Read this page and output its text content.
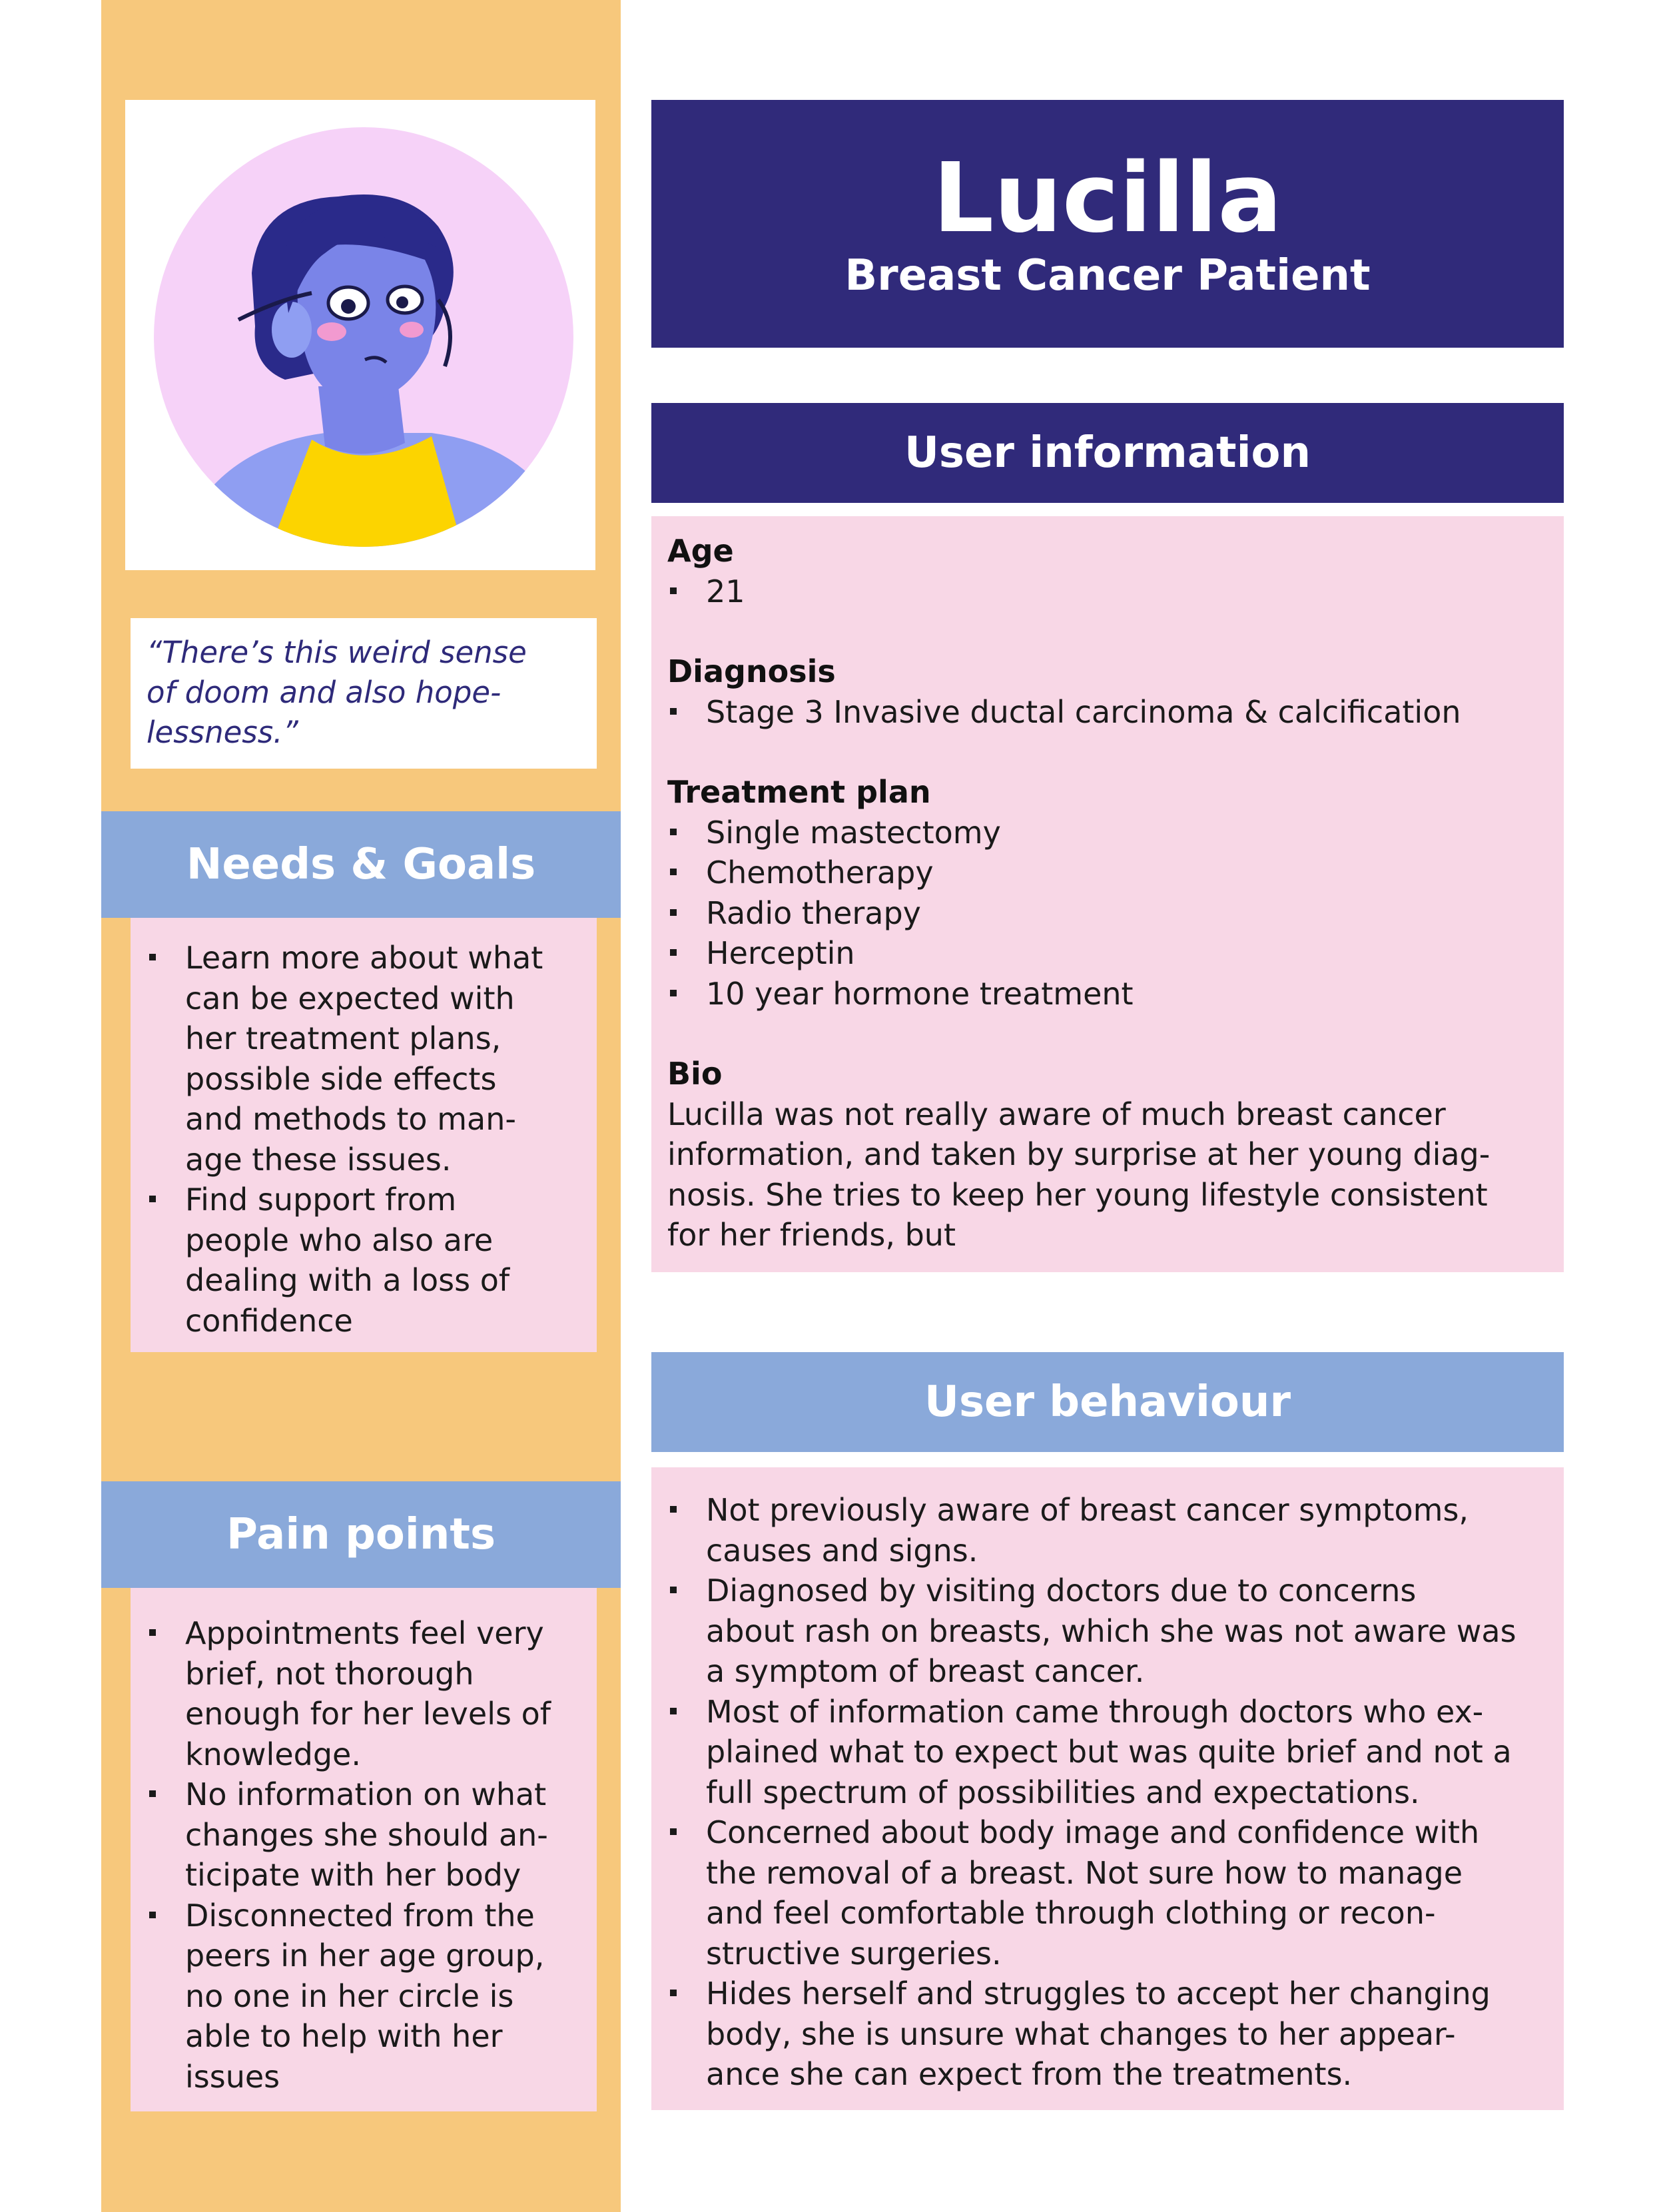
“There’s this weird sense
of doom and also hope-
lessness.”
Needs & Goals
Learn more about what
can be expected with
her treatment plans,
possible side effects
and methods to man-
age these issues.
Find support from
people who also are
dealing with a loss of
confidence
Pain points
Appointments feel very
brief, not thorough
enough for her levels of
knowledge.
No information on what
changes she should an-
ticipate with her body
Disconnected from the
peers in her age group,
no one in her circle is
able to help with her
issues
Lucilla
Breast Cancer Patient
User information
Age
21
Diagnosis
Stage 3 Invasive ductal carcinoma & calcification
Treatment plan
Single mastectomy
Chemotherapy
Radio therapy
Herceptin
10 year hormone treatment
Bio
Lucilla was not really aware of much breast cancer
information, and taken by surprise at her young diag-
nosis. She tries to keep her young lifestyle consistent
for her friends, but
User behaviour
Not previously aware of breast cancer symptoms,
causes and signs.
Diagnosed by visiting doctors due to concerns
about rash on breasts, which she was not aware was
a symptom of breast cancer.
Most of information came through doctors who ex-
plained what to expect but was quite brief and not a
full spectrum of possibilities and expectations.
Concerned about body image and confidence with
the removal of a breast. Not sure how to manage
and feel comfortable through clothing or recon-
structive surgeries.
Hides herself and struggles to accept her changing
body, she is unsure what changes to her appear-
ance she can expect from the treatments.
